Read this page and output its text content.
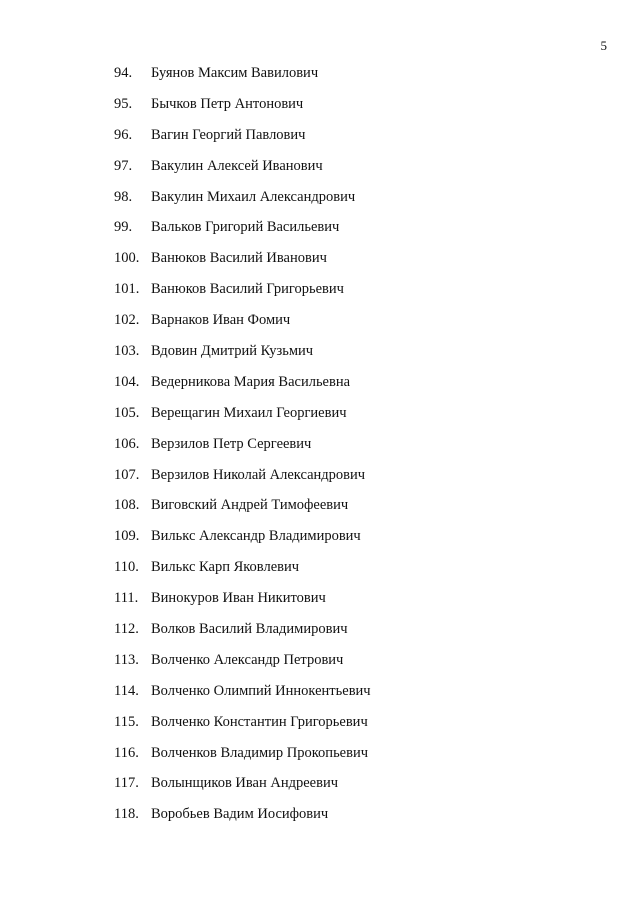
5
94.	Буянов Максим Вавилович
95.	Бычков Петр Антонович
96.	Вагин Георгий Павлович
97.	Вакулин Алексей Иванович
98.	Вакулин Михаил Александрович
99.	Вальков Григорий Васильевич
100. Ванюков Василий Иванович
101. Ванюков Василий Григорьевич
102. Варнаков Иван Фомич
103. Вдовин Дмитрий Кузьмич
104. Ведерникова Мария Васильевна
105. Верещагин Михаил Георгиевич
106. Верзилов Петр Сергеевич
107. Верзилов Николай Александрович
108. Виговский Андрей Тимофеевич
109. Вилькс Александр Владимирович
110. Вилькс Карп Яковлевич
111. Винокуров Иван Никитович
112. Волков Василий Владимирович
113. Волченко Александр Петрович
114. Волченко Олимпий Иннокентьевич
115. Волченко Константин Григорьевич
116. Волченков Владимир Прокопьевич
117. Волынщиков Иван Андреевич
118. Воробьев Вадим Иосифович
